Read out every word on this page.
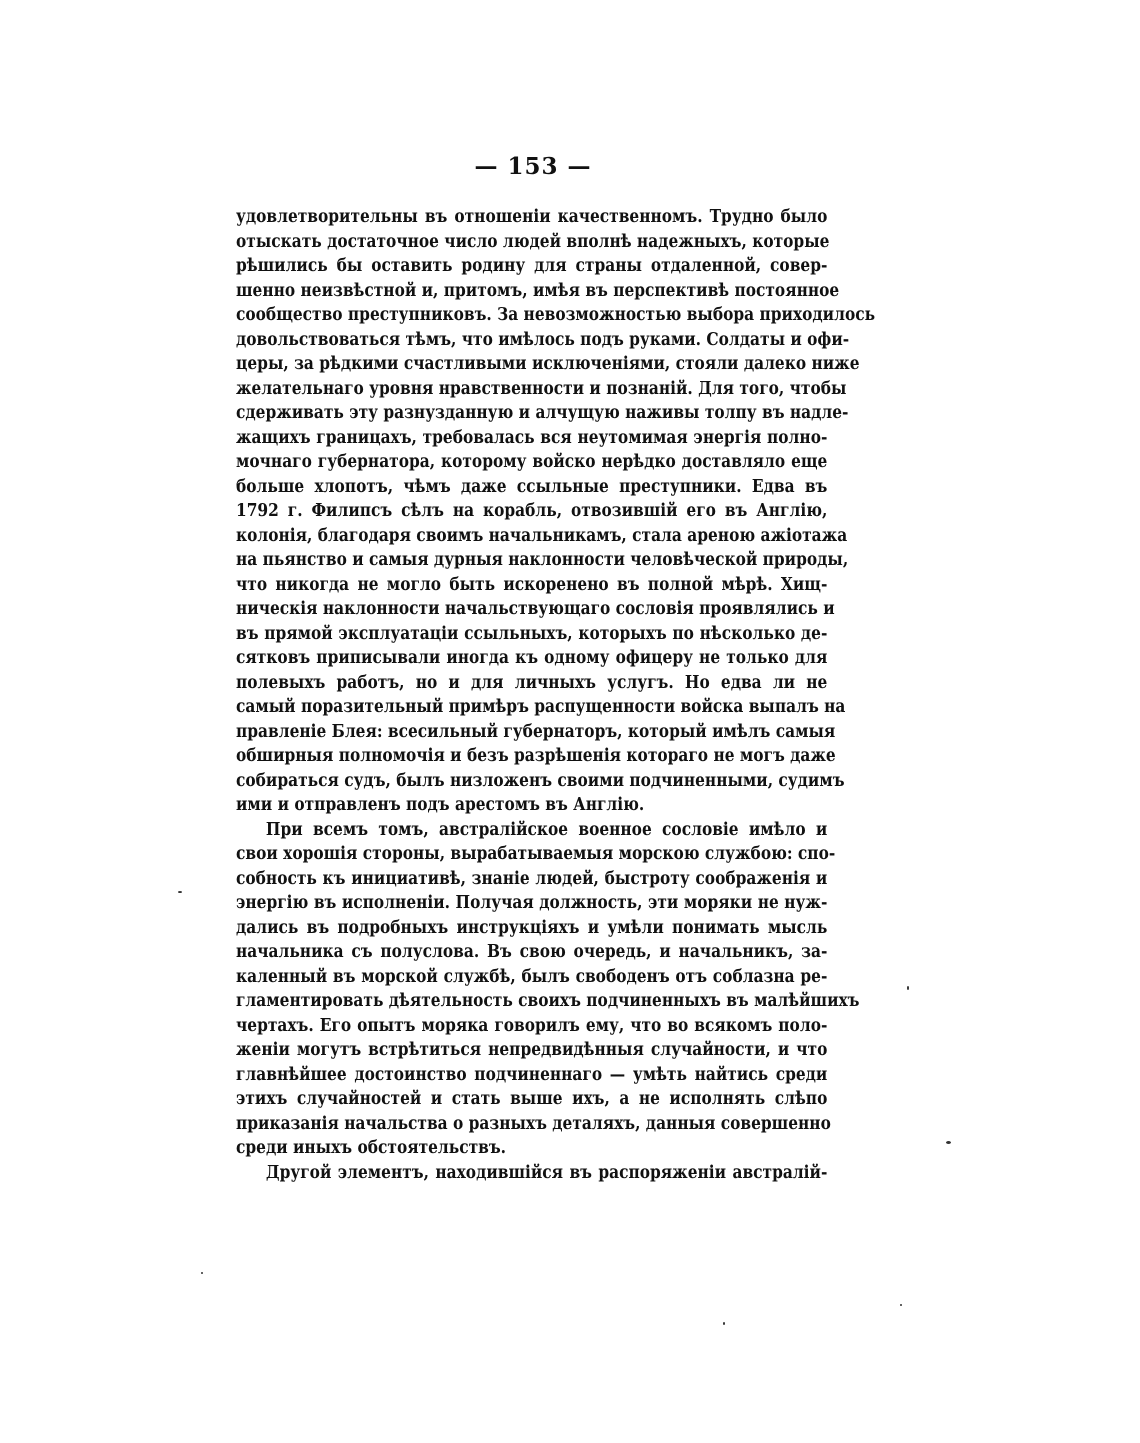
— 153 —
удовлетворительны въ отношенiи качественномъ. Трудно было
отыскать достаточное число людей вполнѣ надежныхъ, которые
рѣшились бы оставить родину для страны отдаленной, совер-
шенно неизвѣстной и, притомъ, имѣя въ перспективѣ постоянное
сообщество преступниковъ. За невозможностью выбора приходилось
довольствоваться тѣмъ, что имѣлось подъ руками. Солдаты и офи-
церы, за рѣдкими счастливыми исключенiями, стояли далеко ниже
желательнаго уровня нравственности и познанiй. Для того, чтобы
сдерживать эту разнузданную и алчущую наживы толпу въ надле-
жащихъ границахъ, требовалась вся неутомимая энергiя полно-
мочнаго губернатора, которому войско нерѣдко доставляло еще
больше хлопотъ, чѣмъ даже ссыльные преступники. Едва въ
1792 г. Филипсъ сѣлъ на корабль, отвозившiй его въ Англiю,
колонiя, благодаря своимъ начальникамъ, стала ареною ажiотажа
на пьянство и самыя дурныя наклонности человѣческой природы,
что никогда не могло быть искоренено въ полной мѣрѣ. Хищ-
ническiя наклонности начальствующаго сословiя проявлялись и
въ прямой эксплуатацiи ссыльныхъ, которыхъ по нѣсколько де-
сятковъ приписывали иногда къ одному офицеру не только для
полевыхъ работъ, но и для личныхъ услугъ. Но едва ли не
самый поразительный примѣръ распущенности войска выпалъ на
правленiе Блея: всесильный губернаторъ, который имѣлъ самыя
обширныя полномочiя и безъ разрѣшенiя котораго не могъ даже
собираться судъ, былъ низложенъ своими подчиненными, судимъ
ими и отправленъ подъ арестомъ въ Англiю.
При всемъ томъ, австралiйское военное сословiе имѣло и
свои хорошiя стороны, вырабатываемыя морскою службою: спо-
собность къ инициативѣ, знанiе людей, быстроту соображенiя и
энергiю въ исполненiи. Получая должность, эти моряки не нуж-
дались въ подробныхъ инструкцiяхъ и умѣли понимать мысль
начальника съ полуслова. Въ свою очередь, и начальникъ, за-
каленный въ морской службѣ, былъ свободенъ отъ соблазна ре-
гламентировать дѣятельность своихъ подчиненныхъ въ малѣйшихъ
чертахъ. Его опытъ моряка говорилъ ему, что во всякомъ поло-
женiи могутъ встрѣтиться непредвидѣнныя случайности, и что
главнѣйшее достоинство подчиненнаго — умѣть найтись среди
этихъ случайностей и стать выше ихъ, а не исполнять слѣпо
приказанiя начальства о разныхъ деталяхъ, данныя совершенно
среди иныхъ обстоятельствъ.
Другой элементъ, находившiйся въ распоряженiи австралiй-
